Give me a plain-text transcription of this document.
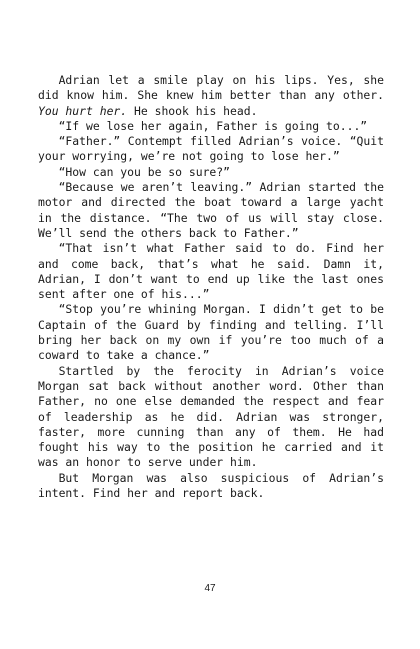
Adrian let a smile play on his lips. Yes, she did know him. She knew him better than any other. You hurt her. He shook his head.

“If we lose her again, Father is going to...”

“Father.” Contempt filled Adrian’s voice. “Quit your worrying, we’re not going to lose her.”

“How can you be so sure?”

“Because we aren’t leaving.” Adrian started the motor and directed the boat toward a large yacht in the distance. “The two of us will stay close. We’ll send the others back to Father.”

“That isn’t what Father said to do. Find her and come back, that’s what he said. Damn it, Adrian, I don’t want to end up like the last ones sent after one of his...”

“Stop you’re whining Morgan. I didn’t get to be Captain of the Guard by finding and telling. I’ll bring her back on my own if you’re too much of a coward to take a chance.”

Startled by the ferocity in Adrian’s voice Morgan sat back without another word. Other than Father, no one else demanded the respect and fear of leadership as he did. Adrian was stronger, faster, more cunning than any of them. He had fought his way to the position he carried and it was an honor to serve under him.

But Morgan was also suspicious of Adrian’s intent. Find her and report back.

47
